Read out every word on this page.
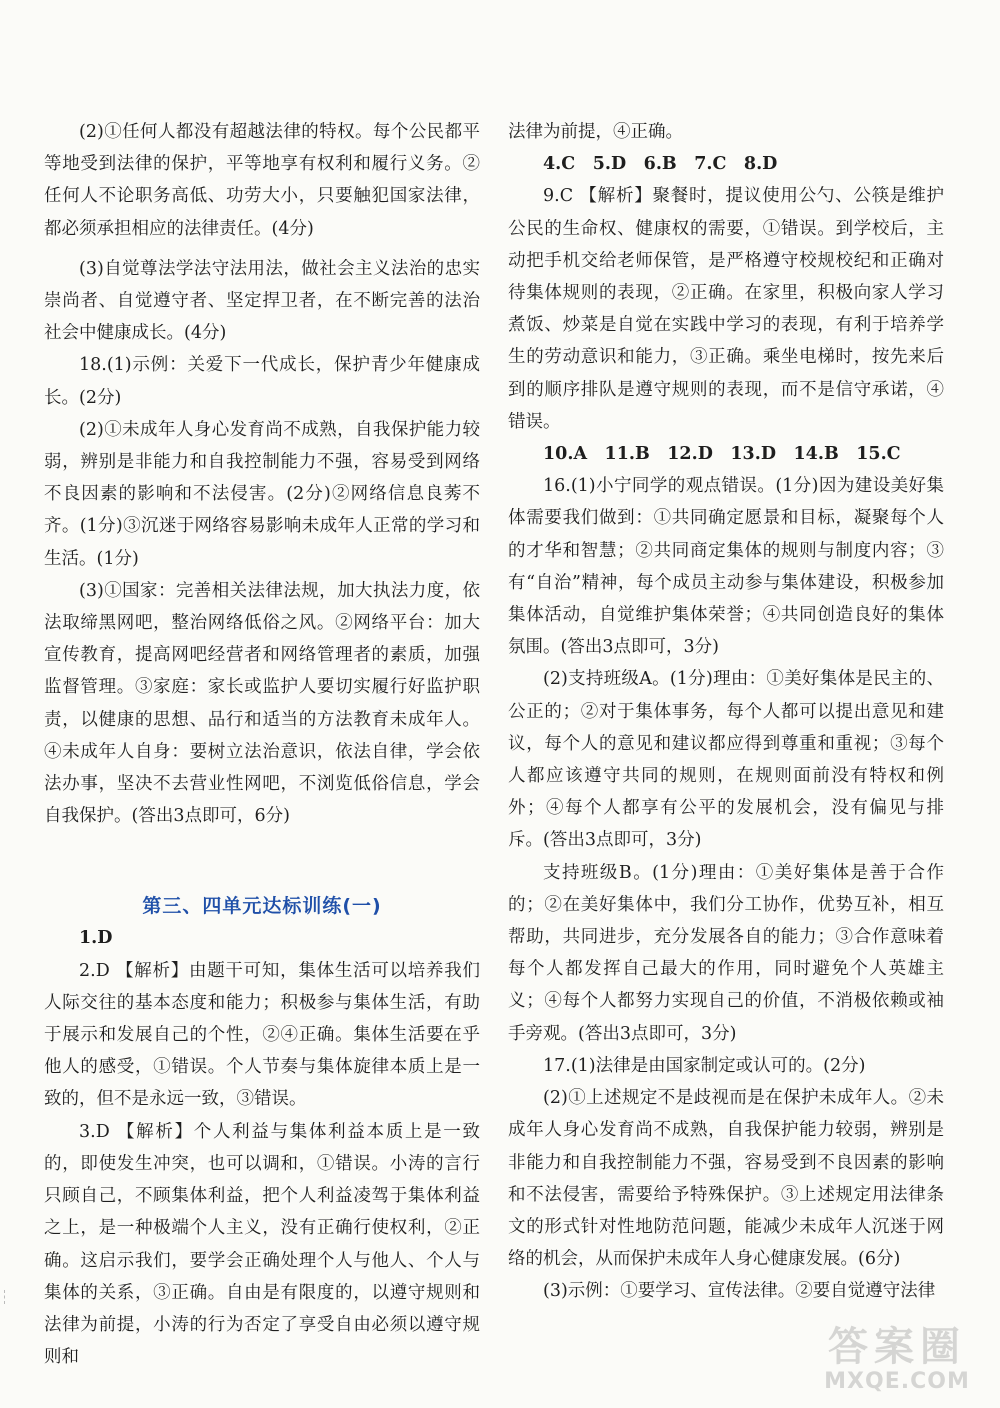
(2)①任何人都没有超越法律的特权。每个公民都平等地受到法律的保护，平等地享有权利和履行义务。②任何人不论职务高低、功劳大小，只要触犯国家法律，都必须承担相应的法律责任。(4分)

(3)自觉尊法学法守法用法，做社会主义法治的忠实崇尚者、自觉遵守者、坚定捍卫者，在不断完善的法治社会中健康成长。(4分)

18.(1)示例：关爱下一代成长，保护青少年健康成长。(2分)

(2)①未成年人身心发育尚不成熟，自我保护能力较弱，辨别是非能力和自我控制能力不强，容易受到网络不良因素的影响和不法侵害。(2分)②网络信息良莠不齐。(1分)③沉迷于网络容易影响未成年人正常的学习和生活。(1分)

(3)①国家：完善相关法律法规，加大执法力度，依法取缔黑网吧，整治网络低俗之风。②网络平台：加大宣传教育，提高网吧经营者和网络管理者的素质，加强监督管理。③家庭：家长或监护人要切实履行好监护职责，以健康的思想、品行和适当的方法教育未成年人。④未成年人自身：要树立法治意识，依法自律，学会依法办事，坚决不去营业性网吧，不浏览低俗信息，学会自我保护。(答出3点即可，6分)

第三、四单元达标训练(一)

1.D

2.D 【解析】由题干可知，集体生活可以培养我们人际交往的基本态度和能力；积极参与集体生活，有助于展示和发展自己的个性，②④正确。集体生活要在乎他人的感受，①错误。个人节奏与集体旋律本质上是一致的，但不是永远一致，③错误。

3.D 【解析】个人利益与集体利益本质上是一致的，即使发生冲突，也可以调和，①错误。小涛的言行只顾自己，不顾集体利益，把个人利益凌驾于集体利益之上，是一种极端个人主义，没有正确行使权利，②正确。这启示我们，要学会正确处理个人与他人、个人与集体的关系，③正确。自由是有限度的，以遵守规则和法律为前提，小涛的行为否定了享受自由必须以遵守规则和

法律为前提，④正确。

4.C　5.D　6.B　7.C　8.D

9.C 【解析】聚餐时，提议使用公勺、公筷是维护公民的生命权、健康权的需要，①错误。到学校后，主动把手机交给老师保管，是严格遵守校规校纪和正确对待集体规则的表现，②正确。在家里，积极向家人学习煮饭、炒菜是自觉在实践中学习的表现，有利于培养学生的劳动意识和能力，③正确。乘坐电梯时，按先来后到的顺序排队是遵守规则的表现，而不是信守承诺，④错误。

10.A　11.B　12.D　13.D　14.B　15.C

16.(1)小宁同学的观点错误。(1分)因为建设美好集体需要我们做到：①共同确定愿景和目标，凝聚每个人的才华和智慧；②共同商定集体的规则与制度内容；③有“自治”精神，每个成员主动参与集体建设，积极参加集体活动，自觉维护集体荣誉；④共同创造良好的集体氛围。(答出3点即可，3分)

(2)支持班级A。(1分)理由：①美好集体是民主的、公正的；②对于集体事务，每个人都可以提出意见和建议，每个人的意见和建议都应得到尊重和重视；③每个人都应该遵守共同的规则，在规则面前没有特权和例外；④每个人都享有公平的发展机会，没有偏见与排斥。(答出3点即可，3分)

支持班级B。(1分)理由：①美好集体是善于合作的；②在美好集体中，我们分工协作，优势互补，相互帮助，共同进步，充分发展各自的能力；③合作意味着每个人都发挥自己最大的作用，同时避免个人英雄主义；④每个人都努力实现自己的价值，不消极依赖或袖手旁观。(答出3点即可，3分)

17.(1)法律是由国家制定或认可的。(2分)

(2)①上述规定不是歧视而是在保护未成年人。②未成年人身心发育尚不成熟，自我保护能力较弱，辨别是非能力和自我控制能力不强，容易受到不良因素的影响和不法侵害，需要给予特殊保护。③上述规定用法律条文的形式针对性地防范问题，能减少未成年人沉迷于网络的机会，从而保护未成年人身心健康发展。(6分)

(3)示例：①要学习、宣传法律。②要自觉遵守法律

答案圈
MXQE.COM
